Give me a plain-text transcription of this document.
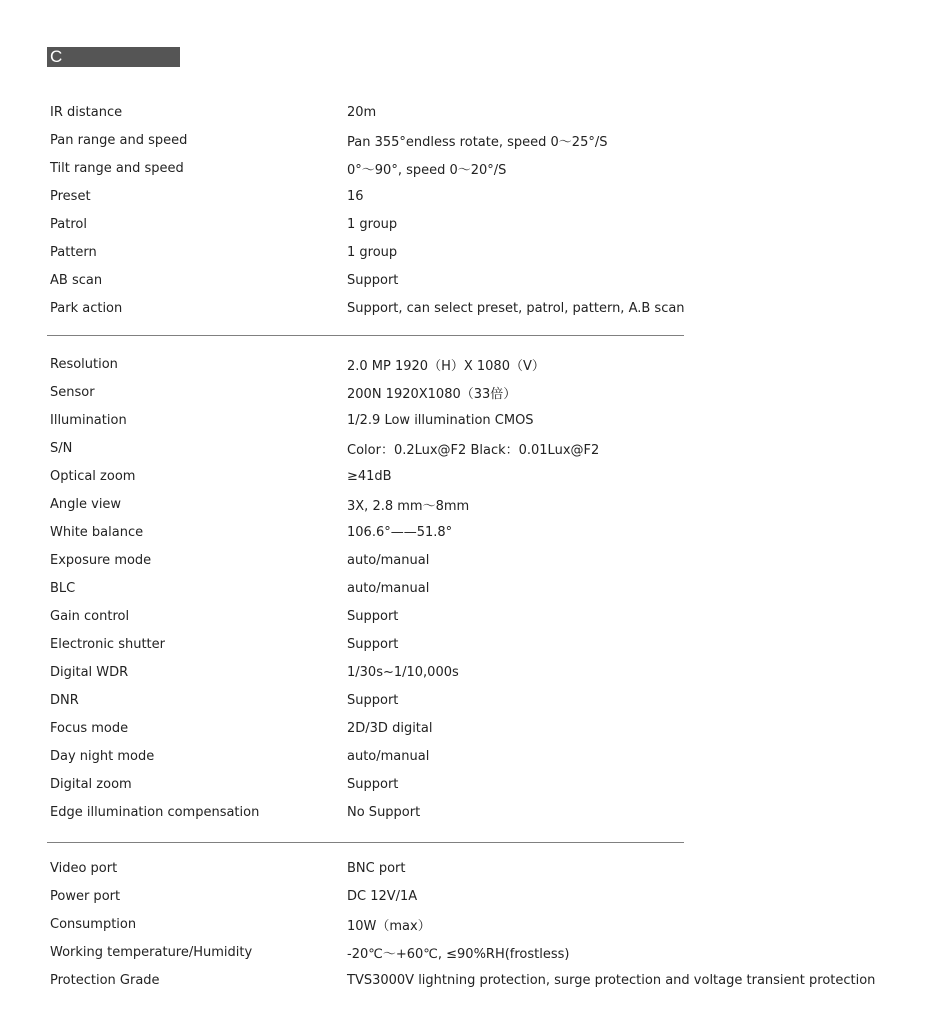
C
IR distance	20m
Pan range and speed	Pan 355°endless rotate, speed 0～25°/S
Tilt range and speed	0°～90°, speed 0～20°/S
Preset	16
Patrol	1 group
Pattern	1 group
AB scan	Support
Park action	Support, can select preset, patrol, pattern, A.B scan
Resolution	2.0 MP 1920（H）X 1080（V）
Sensor	200N 1920X1080（33倍）
Illumination	1/2.9 Low illumination CMOS
S/N	Color：0.2Lux@F2 Black：0.01Lux@F2
Optical zoom	≥41dB
Angle view	3X, 2.8 mm～8mm
White balance	106.6°——51.8°
Exposure mode	auto/manual
BLC	auto/manual
Gain control	Support
Electronic shutter	Support
Digital WDR	1/30s~1/10,000s
DNR	Support
Focus mode	2D/3D digital
Day night mode	auto/manual
Digital zoom	Support
Edge illumination compensation	No Support
Video port	BNC port
Power port	DC 12V/1A
Consumption	10W（max）
Working temperature/Humidity	-20℃～+60℃, ≤90%RH(frostless)
Protection Grade	TVS3000V lightning protection, surge protection and voltage transient protection
